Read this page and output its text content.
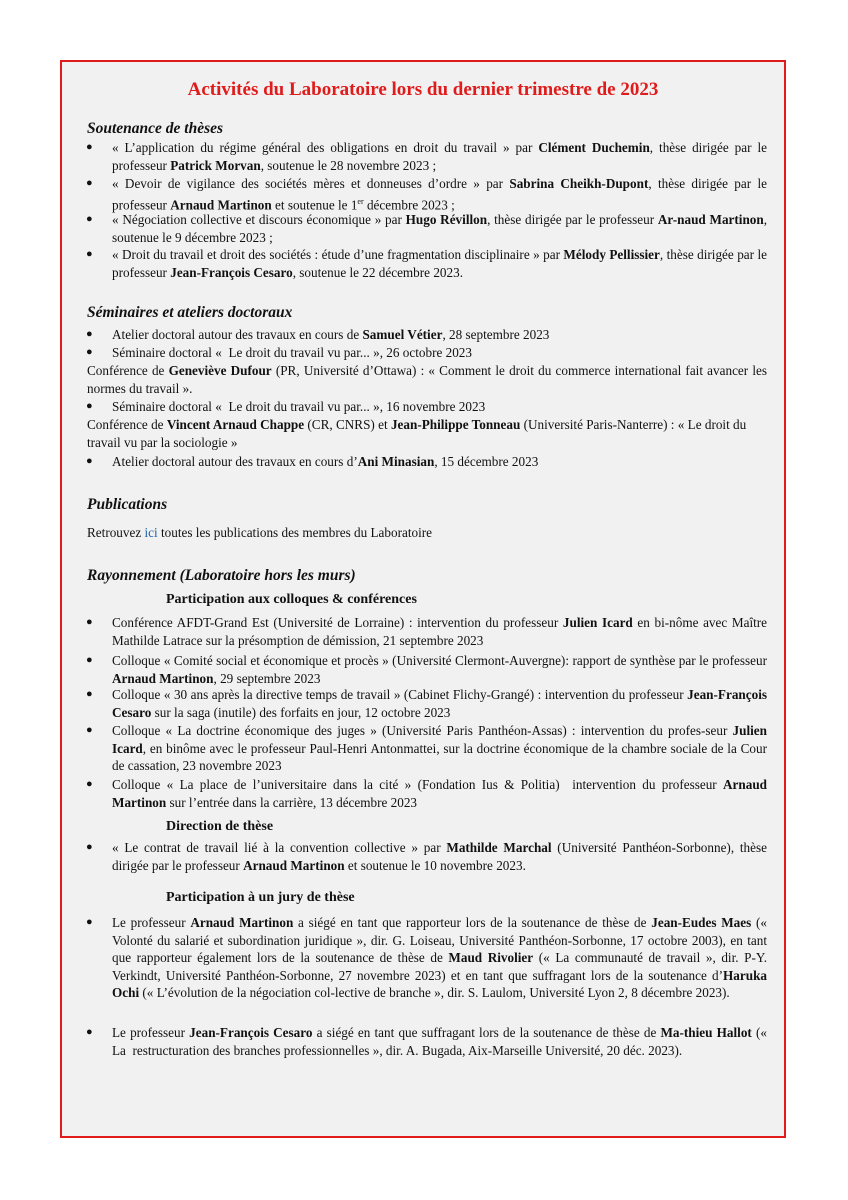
Activités du Laboratoire lors du dernier trimestre de 2023
Soutenance de thèses
● « L’application du régime général des obligations en droit du travail » par Clément Duchemin, thèse dirigée par le professeur Patrick Morvan, soutenue le 28 novembre 2023 ;
● « Devoir de vigilance des sociétés mères et donneuses d’ordre » par Sabrina Cheikh-Dupont, thèse dirigée par le professeur Arnaud Martinon et soutenue le 1er décembre 2023 ;
● « Négociation collective et discours économique » par Hugo Révillon, thèse dirigée par le professeur Ar-naud Martinon, soutenue le 9 décembre 2023 ;
● « Droit du travail et droit des sociétés : étude d’une fragmentation disciplinaire » par Mélody Pellissier, thèse dirigée par le professeur Jean-François Cesaro, soutenue le 22 décembre 2023.
Séminaires et ateliers doctoraux
● Atelier doctoral autour des travaux en cours de Samuel Vétier, 28 septembre 2023
● Séminaire doctoral «  Le droit du travail vu par... », 26 octobre 2023
Conférence de Geneviève Dufour (PR, Université d’Ottawa) : « Comment le droit du commerce international fait avancer les normes du travail ».
● Séminaire doctoral «  Le droit du travail vu par... », 16 novembre 2023
Conférence de Vincent Arnaud Chappe (CR, CNRS) et Jean-Philippe Tonneau (Université Paris-Nanterre) : « Le droit du travail vu par la sociologie »
● Atelier doctoral autour des travaux en cours d’Ani Minasian, 15 décembre 2023
Publications
Retrouvez ici toutes les publications des membres du Laboratoire
Rayonnement (Laboratoire hors les murs)
Participation aux colloques & conférences
● Conférence AFDT-Grand Est (Université de Lorraine) : intervention du professeur Julien Icard en bi-nôme avec Maître Mathilde Latrace sur la présomption de démission, 21 septembre 2023
● Colloque « Comité social et économique et procès » (Université Clermont-Auvergne): rapport de synthèse par le professeur Arnaud Martinon, 29 septembre 2023
● Colloque « 30 ans après la directive temps de travail » (Cabinet Flichy-Grangé) : intervention du professeur Jean-François Cesaro sur la saga (inutile) des forfaits en jour, 12 octobre 2023
● Colloque « La doctrine économique des juges » (Université Paris Panthéon-Assas) : intervention du profes-seur Julien Icard, en binôme avec le professeur Paul-Henri Antonmattei, sur la doctrine économique de la chambre sociale de la Cour de cassation, 23 novembre 2023
● Colloque « La place de l’universitaire dans la cité » (Fondation Ius & Politia)  intervention du professeur Arnaud Martinon sur l’entrée dans la carrière, 13 décembre 2023
Direction de thèse
● « Le contrat de travail lié à la convention collective » par Mathilde Marchal (Université Panthéon-Sorbonne), thèse dirigée par le professeur Arnaud Martinon et soutenue le 10 novembre 2023.
Participation à un jury de thèse
● Le professeur Arnaud Martinon a siégé en tant que rapporteur lors de la soutenance de thèse de Jean-Eudes Maes (« Volonté du salarié et subordination juridique », dir. G. Loiseau, Université Panthéon-Sorbonne, 17 octobre 2003), en tant que rapporteur également lors de la soutenance de thèse de Maud Rivolier (« La communauté de travail », dir. P-Y. Verkindt, Université Panthéon-Sorbonne, 27 novembre 2023) et en tant que suffragant lors de la soutenance d’Haruka Ochi (« L’évolution de la négociation col-lective de branche », dir. S. Laulom, Université Lyon 2, 8 décembre 2023).
● Le professeur Jean-François Cesaro a siégé en tant que suffragant lors de la soutenance de thèse de Ma-thieu Hallot (« La  restructuration des branches professionnelles », dir. A. Bugada, Aix-Marseille Université, 20 déc. 2023).
